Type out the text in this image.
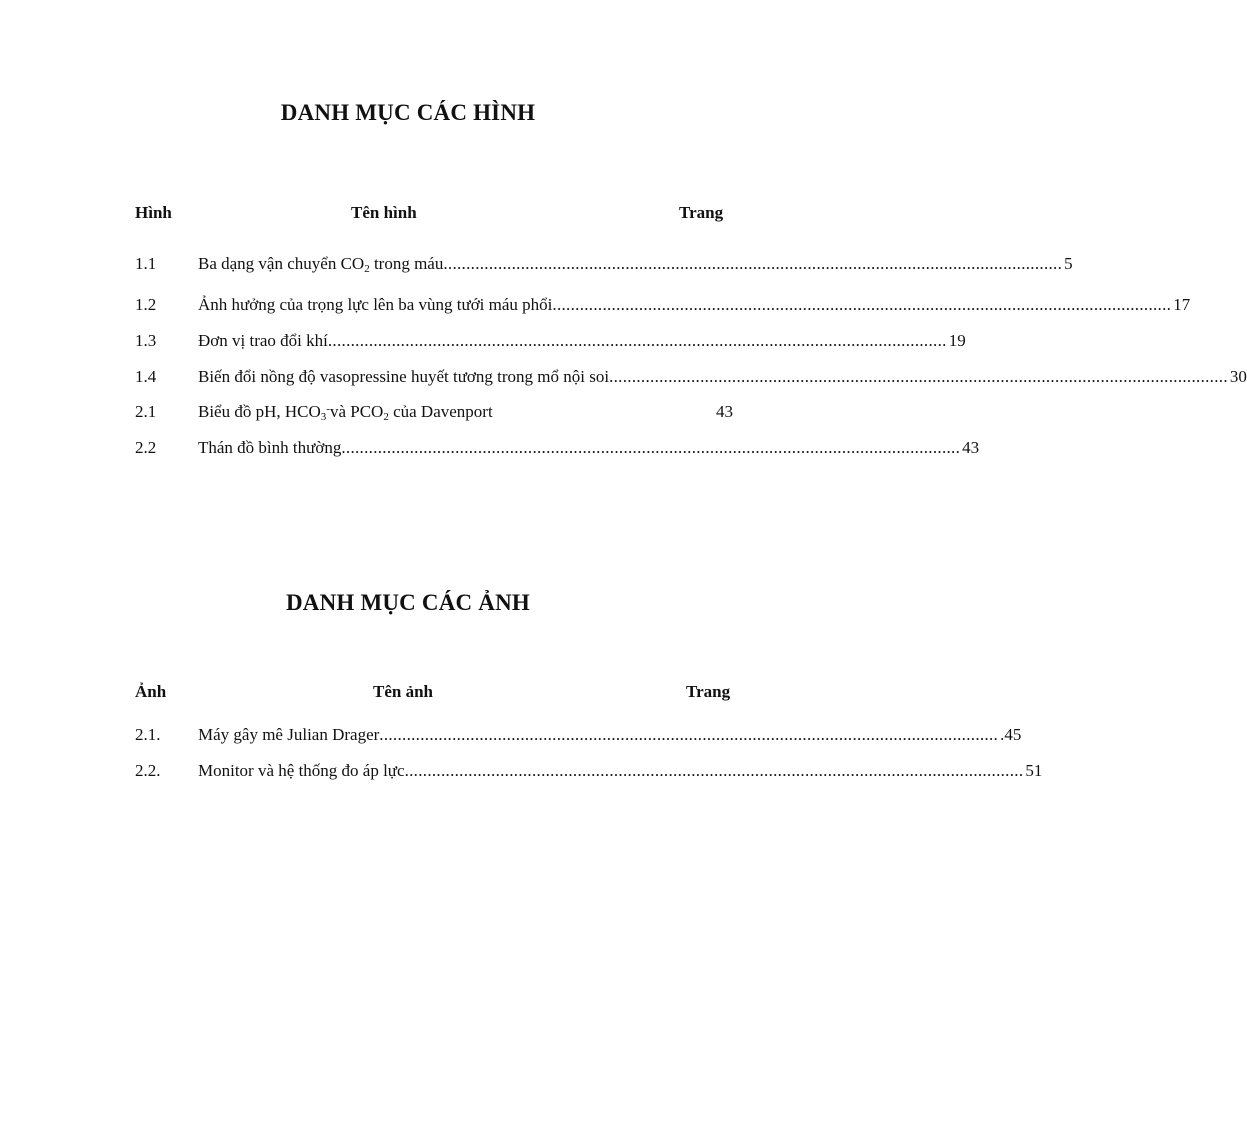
DANH MỤC CÁC HÌNH
Hình	Tên hình	Trang
1.1 Ba dạng vận chuyển $CO_2$ trong máu ........................................................................................................................................ 5
1.2 Ảnh hưởng của trọng lực lên ba vùng tưới máu phổi ........................................................................................................................................ 17
1.3 Đơn vị trao đổi khí ........................................................................................................................................ 19
1.4 Biến đổi nồng độ vasopressine huyết tương trong mổ nội soi ........................................................................................................................................ 30
2.1 Biểu đồ pH, $HCO_3^-và$ $PCO_2$ của Davenport	43
2.2 Thán đồ bình thường ........................................................................................................................................ 43
DANH MỤC CÁC ẢNH
Ảnh	Tên ảnh	Trang
2.1. Máy gây mê Julian Drager ........................................................................................................................................ .45
2.2. Monitor và hệ thống đo áp lực ........................................................................................................................................ 51
